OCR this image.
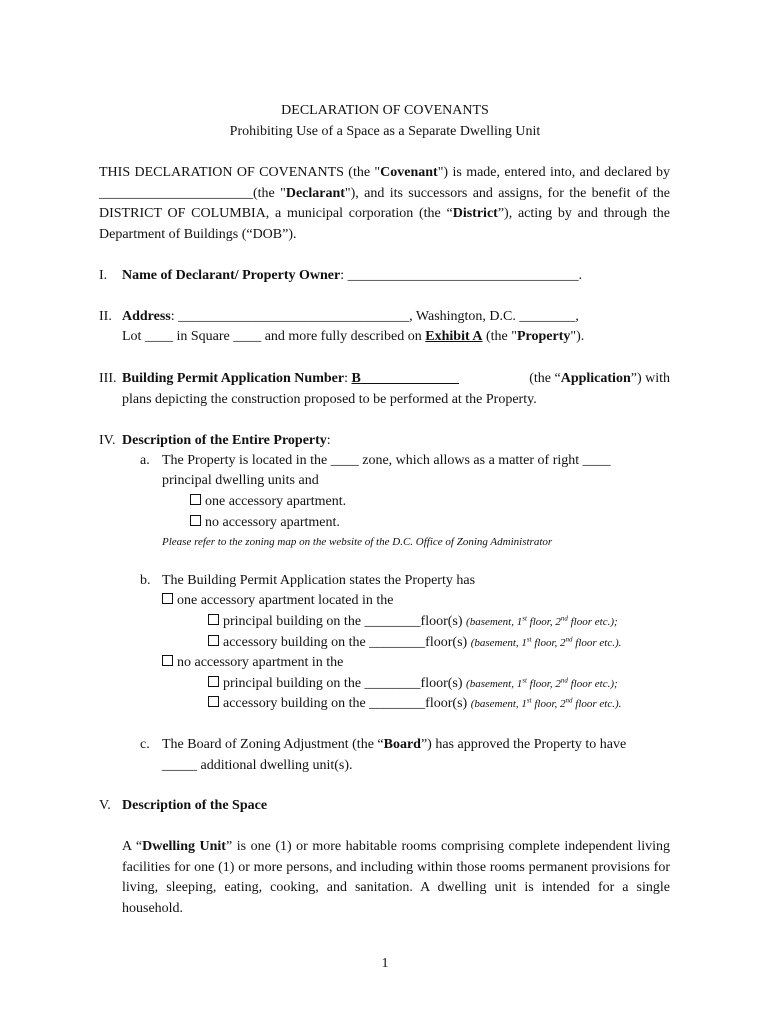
DECLARATION OF COVENANTS
Prohibiting Use of a Space as a Separate Dwelling Unit
THIS DECLARATION OF COVENANTS (the "Covenant") is made, entered into, and declared by ______________________(the "Declarant"), and its successors and assigns, for the benefit of the DISTRICT OF COLUMBIA, a municipal corporation (the “District”), acting by and through the Department of Buildings (“DOB”).
I. Name of Declarant/ Property Owner: _________________________________.
II. Address: _________________________________, Washington, D.C. ________,
Lot ____ in Square ____ and more fully described on Exhibit A (the "Property").
III. Building Permit Application Number: B______________	(the “Application”) with
plans depicting the construction proposed to be performed at the Property.
IV. Description of the Entire Property:
a. The Property is located in the ____ zone, which allows as a matter of right ____
principal dwelling units and
one accessory apartment.
no accessory apartment.
Please refer to the zoning map on the website of the D.C. Office of Zoning Administrator
b. The Building Permit Application states the Property has
one accessory apartment located in the
principal building on the ________floor(s) (basement, 1st floor, 2nd floor etc.);
accessory building on the ________floor(s) (basement, 1st floor, 2nd floor etc.).
no accessory apartment in the
principal building on the ________floor(s) (basement, 1st floor, 2nd floor etc.);
accessory building on the ________floor(s) (basement, 1st floor, 2nd floor etc.).
c. The Board of Zoning Adjustment (the “Board”) has approved the Property to have
_____ additional dwelling unit(s).
V. Description of the Space
A “Dwelling Unit” is one (1) or more habitable rooms comprising complete independent living facilities for one (1) or more persons, and including within those rooms permanent provisions for living, sleeping, eating, cooking, and sanitation. A dwelling unit is intended for a single household.
1
